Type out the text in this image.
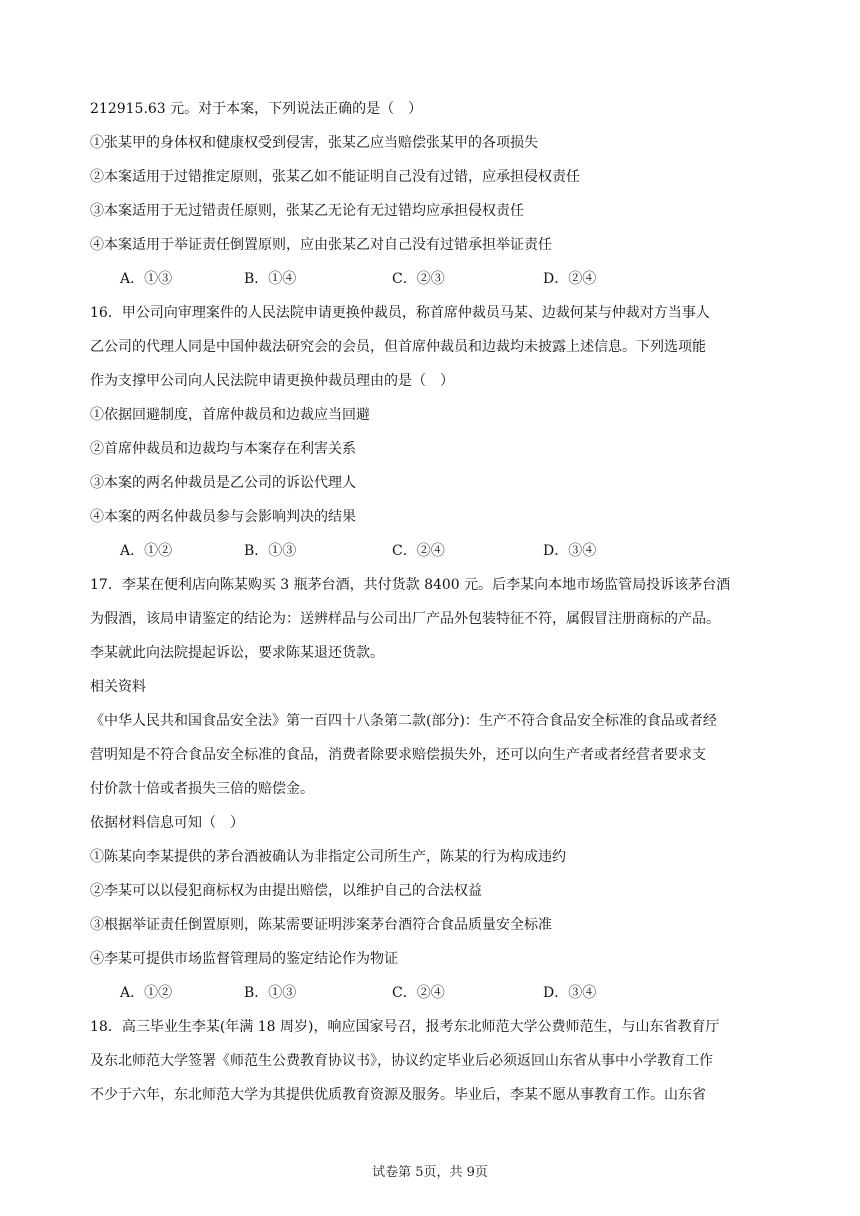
212915.63 元。对于本案，下列说法正确的是（　）
①张某甲的身体权和健康权受到侵害，张某乙应当赔偿张某甲的各项损失
②本案适用于过错推定原则，张某乙如不能证明自己没有过错，应承担侵权责任
③本案适用于无过错责任原则，张某乙无论有无过错均应承担侵权责任
④本案适用于举证责任倒置原则，应由张某乙对自己没有过错承担举证责任
A．①③	B．①④	C．②③	D．②④
16．甲公司向审理案件的人民法院申请更换仲裁员，称首席仲裁员马某、边裁何某与仲裁对方当事人
乙公司的代理人同是中国仲裁法研究会的会员，但首席仲裁员和边裁均未披露上述信息。下列选项能
作为支撑甲公司向人民法院申请更换仲裁员理由的是（　）
①依据回避制度，首席仲裁员和边裁应当回避
②首席仲裁员和边裁均与本案存在利害关系
③本案的两名仲裁员是乙公司的诉讼代理人
④本案的两名仲裁员参与会影响判决的结果
A．①②	B．①③	C．②④	D．③④
17．李某在便利店向陈某购买 3 瓶茅台酒，共付货款 8400 元。后李某向本地市场监管局投诉该茅台酒
为假酒，该局申请鉴定的结论为：送辨样品与公司出厂产品外包装特征不符，属假冒注册商标的产品。
李某就此向法院提起诉讼，要求陈某退还货款。
相关资料
《中华人民共和国食品安全法》第一百四十八条第二款(部分)：生产不符合食品安全标准的食品或者经
营明知是不符合食品安全标准的食品，消费者除要求赔偿损失外，还可以向生产者或者经营者要求支
付价款十倍或者损失三倍的赔偿金。
依据材料信息可知（　）
①陈某向李某提供的茅台酒被确认为非指定公司所生产，陈某的行为构成违约
②李某可以以侵犯商标权为由提出赔偿，以维护自己的合法权益
③根据举证责任倒置原则，陈某需要证明涉案茅台酒符合食品质量安全标准
④李某可提供市场监督管理局的鉴定结论作为物证
A．①②	B．①③	C．②④	D．③④
18．高三毕业生李某(年满 18 周岁)，响应国家号召，报考东北师范大学公费师范生，与山东省教育厅
及东北师范大学签署《师范生公费教育协议书》，协议约定毕业后必须返回山东省从事中小学教育工作
不少于六年，东北师范大学为其提供优质教育资源及服务。毕业后，李某不愿从事教育工作。山东省
试卷第 5页，共 9页
